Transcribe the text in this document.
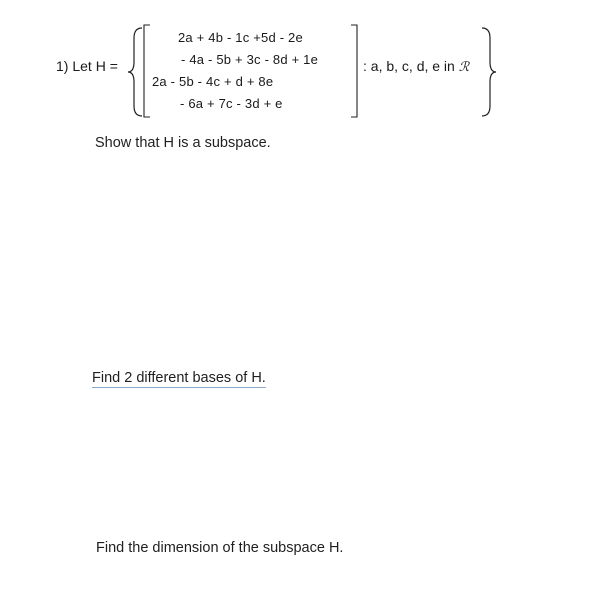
1) Let H =
2a + 4b - 1c +5d - 2e
- 4a - 5b + 3c - 8d + 1e
2a - 5b - 4c + d + 8e
- 6a + 7c - 3d + e
: a, b, c, d, e in ℛ
Show that H is a subspace.
Find 2 different bases of H.
Find the dimension of the subspace H.
